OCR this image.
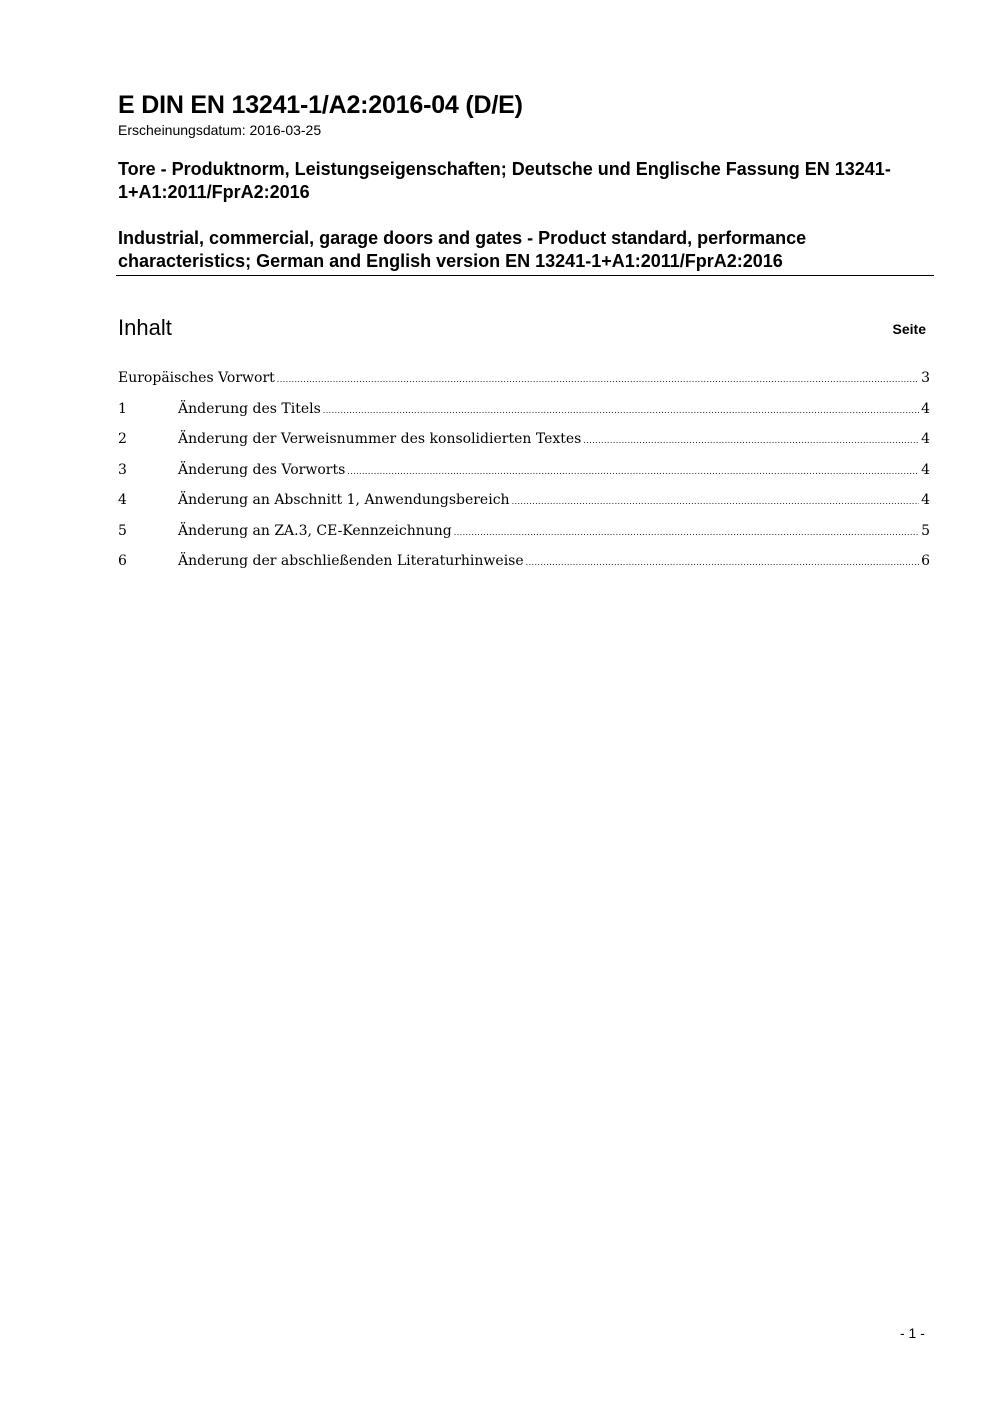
E DIN EN 13241-1/A2:2016-04 (D/E)
Erscheinungsdatum: 2016-03-25
Tore - Produktnorm, Leistungseigenschaften; Deutsche und Englische Fassung EN 13241-1+A1:2011/FprA2:2016
Industrial, commercial, garage doors and gates - Product standard, performance characteristics; German and English version EN 13241-1+A1:2011/FprA2:2016
Inhalt	Seite
Europäisches Vorwort .....	3
1	Änderung des Titels .....	4
2	Änderung der Verweisnummer des konsolidierten Textes .....	4
3	Änderung des Vorworts .....	4
4	Änderung an Abschnitt 1, Anwendungsbereich .....	4
5	Änderung an ZA.3, CE-Kennzeichnung .....	5
6	Änderung der abschließenden Literaturhinweise .....	6
- 1 -
